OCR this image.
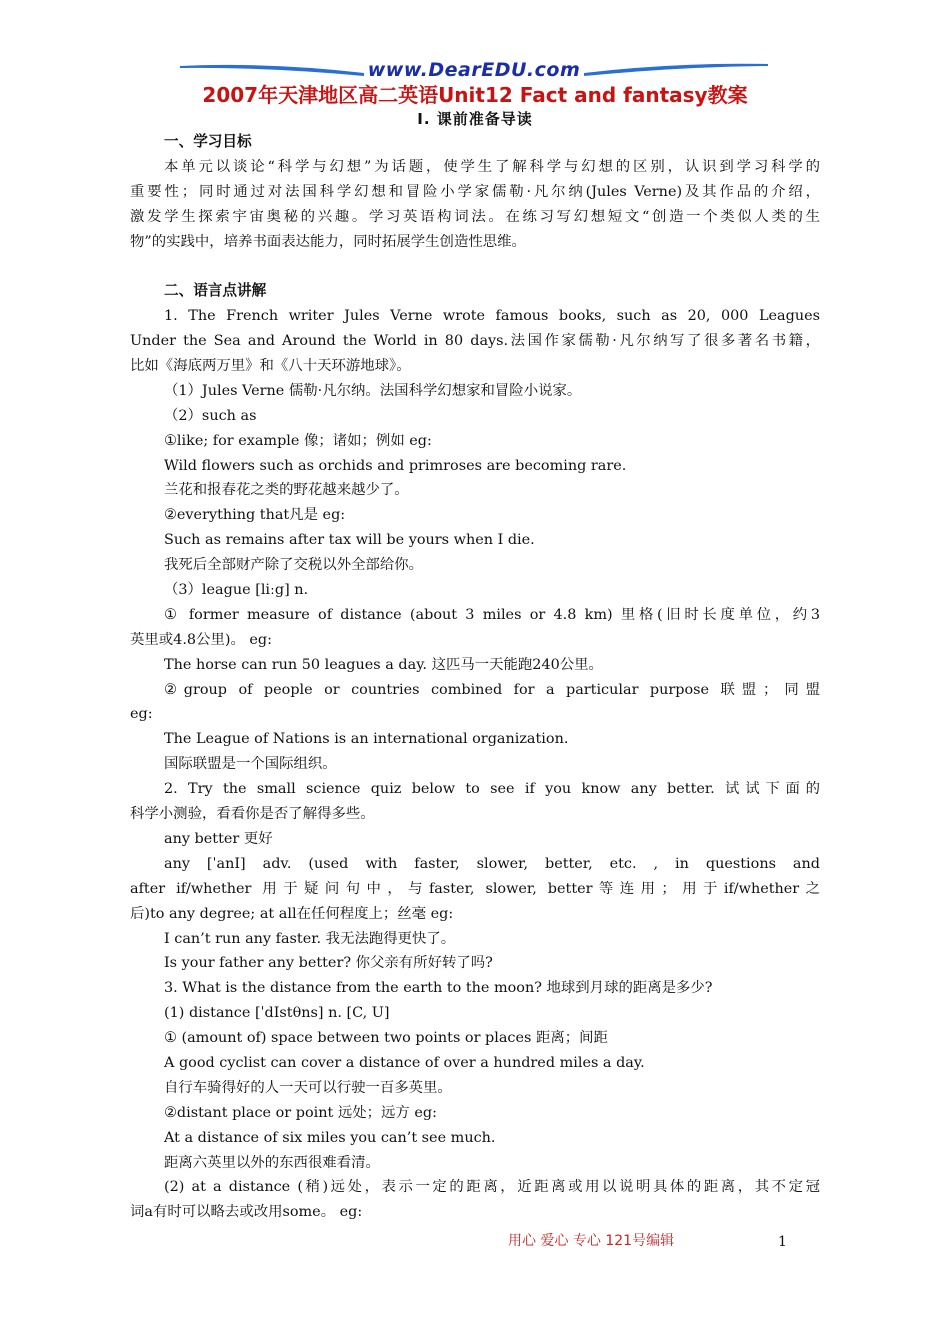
www.DearEDU.com
2007年天津地区高二英语Unit12 Fact and fantasy教案
Ⅰ. 课前准备导读
一、学习目标
本单元以谈论“科学与幻想”为话题，使学生了解科学与幻想的区别，认识到学习科学的
重要性；同时通过对法国科学幻想和冒险小学家儒勒·凡尔纳(Jules Verne)及其作品的介绍，
激发学生探索宇宙奥秘的兴趣。学习英语构词法。在练习写幻想短文“创造一个类似人类的生
物”的实践中，培养书面表达能力，同时拓展学生创造性思维。
二、语言点讲解
1. The French writer Jules Verne wrote famous books, such as 20, 000 Leagues
Under the Sea and Around the World in 80 days.法国作家儒勒·凡尔纳写了很多著名书籍，
比如《海底两万里》和《八十天环游地球》。
（1）Jules Verne 儒勒·凡尔纳。法国科学幻想家和冒险小说家。
（2）such as
①like; for example 像；诸如；例如 eg:
Wild flowers such as orchids and primroses are becoming rare.
兰花和报春花之类的野花越来越少了。
②everything that凡是 eg:
Such as remains after tax will be yours when I die.
我死后全部财产除了交税以外全部给你。
（3）league [liːg] n.
① former measure of distance (about 3 miles or 4.8 km) 里格(旧时长度单位，约3
英里或4.8公里)。 eg:
The horse can run 50 leagues a day. 这匹马一天能跑240公里。
②group of people or countries combined for a particular purpose 联盟；同盟
eg:
The League of Nations is an international organization.
国际联盟是一个国际组织。
2. Try the small science quiz below to see if you know any better. 试试下面的
科学小测验，看看你是否了解得多些。
any better 更好
any [ˈanI] adv. (used with faster, slower, better, etc. , in questions and
after if/whether 用于疑问句中，与faster, slower, better等连用；用于if/whether之
后)to any degree; at all在任何程度上；丝毫 eg:
I can’t run any faster. 我无法跑得更快了。
Is your father any better? 你父亲有所好转了吗?
3. What is the distance from the earth to the moon? 地球到月球的距离是多少?
(1) distance [ˈdIstθns] n. [C, U]
① (amount of) space between two points or places 距离；间距
A good cyclist can cover a distance of over a hundred miles a day.
自行车骑得好的人一天可以行驶一百多英里。
②distant place or point 远处；远方 eg:
At a distance of six miles you can’t see much.
距离六英里以外的东西很难看清。
(2) at a distance (稍)远处，表示一定的距离，近距离或用以说明具体的距离，其不定冠
词a有时可以略去或改用some。 eg:
用心 爱心 专心 121号编辑	1
